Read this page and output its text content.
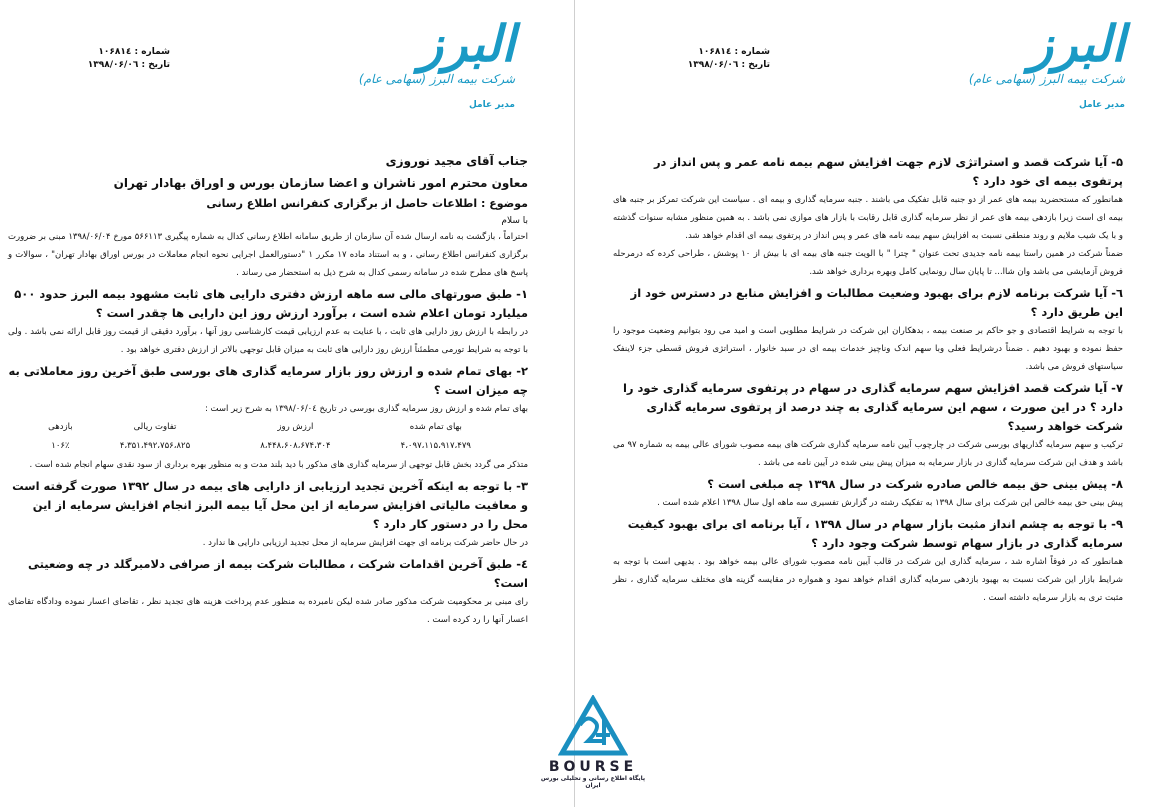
البرز
شرکت بیمه البرز (سهامی عام)
مدیر عامل
شماره : ۱۰۶۸۱٤
تاریخ : ۱۳۹۸/۰۶/۰٦
جناب آقای مجید نوروزی
معاون محترم امور ناشران و اعضا سازمان بورس و اوراق بهادار تهران
موضوع : اطلاعات حاصل از برگزاری کنفرانس اطلاع رسانی
با سلام
احتراماً ، بازگشت به نامه ارسال شده آن سازمان از طریق سامانه اطلاع رسانی کدال به شماره پیگیری ۵۶۶۱۱۳ مورخ ۱۳۹۸/۰۶/۰۴ مبنی بر ضرورت برگزاری کنفرانس اطلاع رسانی ، و به استناد ماده ۱۷ مکرر ۱ "دستورالعمل اجرایی نحوه انجام معاملات در بورس اوراق بهادار تهران" ، سوالات و پاسخ های مطرح شده در سامانه رسمی کدال به شرح ذیل به استحضار می رساند .
۱- طبق صورتهای مالی سه ماهه ارزش دفتری دارایی های ثابت مشهود بیمه البرز حدود ۵۰۰ میلیارد تومان اعلام شده است ، برآورد ارزش روز این دارایی ها چقدر است ؟
در رابطه با ارزش روز دارایی های ثابت ، با عنایت به عدم ارزیابی قیمت کارشناسی روز آنها ، برآورد دقیقی از قیمت روز قابل ارائه نمی باشد . ولی با توجه به شرایط تورمی مطمئناً ارزش روز دارایی های ثابت به میزان قابل توجهی بالاتر از ارزش دفتری خواهد بود .
۲- بهای تمام شده و ارزش روز بازار سرمایه گذاری های بورسی طبق آخرین روز معاملاتی به چه میزان است ؟
بهای تمام شده و ارزش روز سرمایه گذاری بورسی در تاریخ ۱۳۹۸/۰۶/۰٤ به شرح زیر است :
بهای تمام شده	ارزش روز	تفاوت ریالی	بازدهی
۴،۰۹۷،۱۱۵،۹۱۷،۴۷۹	۸،۴۴۸،۶۰۸،۶۷۴،۳۰۴	۴،۳۵۱،۴۹۲،۷۵۶،۸۲۵	۱۰۶٪
متذکر می گردد بخش قابل توجهی از سرمایه گذاری های مذکور با دید بلند مدت و به منظور بهره برداری از سود نقدی سهام انجام شده است .
۳- با توجه به اینکه آخرین تجدید ارزیابی از دارایی های بیمه در سال ۱۳۹۲ صورت گرفته است و معافیت مالیاتی افزایش سرمایه از این محل آیا بیمه البرز انجام افزایش سرمایه از این محل را در دستور کار دارد ؟
در حال حاضر شرکت برنامه ای جهت افزایش سرمایه از محل تجدید ارزیابی دارایی ها ندارد .
٤- طبق آخرین اقدامات شرکت ، مطالبات شرکت بیمه از صرافی دلامبرگلد در چه وضعیتی است؟
رای مبنی بر محکومیت شرکت مذکور صادر شده لیکن نامبرده به منظور عدم پرداخت هزینه های تجدید نظر ، تقاضای اعسار نموده ودادگاه تقاضای اعسار آنها را رد کرده است .
البرز
شرکت بیمه البرز (سهامی عام)
مدیر عامل
شماره : ۱۰۶۸۱٤
تاریخ : ۱۳۹۸/۰۶/۰٦
۵- آیا شرکت قصد و استراتژی لازم جهت افزایش سهم بیمه نامه عمر و پس انداز در پرتفوی بیمه ای خود دارد ؟
همانطور که مستحضرید بیمه های عمر از دو جنبه قابل تفکیک می باشند . جنبه سرمایه گذاری و بیمه ای . سیاست این شرکت تمرکز بر جنبه های بیمه ای است زیرا بازدهی بیمه های عمر از نظر سرمایه گذاری قابل رقابت با بازار های موازی نمی باشد . به همین منظور مشابه سنوات گذشته و با یک شیب ملایم و روند منطقی نسبت به افزایش سهم بیمه نامه های عمر و پس انداز در پرتفوی بیمه ای اقدام خواهد شد.
ضمناً شرکت در همین راستا بیمه نامه جدیدی تحت عنوان " چترا " با الویت جنبه های بیمه ای با بیش از ۱۰ پوشش ، طراحی کرده که درمرحله فروش آزمایشی می باشد وان شاا... تا پایان سال رونمایی کامل وبهره برداری خواهد شد.
٦- آیا شرکت برنامه لازم برای بهبود وضعیت مطالبات و افزایش منابع در دسترس خود از این طریق دارد ؟
با توجه به شرایط اقتصادی و جو حاکم بر صنعت بیمه ، بدهکاران این شرکت در شرایط مطلوبی است و امید می رود بتوانیم وضعیت موجود را حفظ نموده و بهبود دهیم . ضمناً درشرایط فعلی وبا سهم اندک وناچیز خدمات بیمه ای در سبد خانوار ، استراتژی فروش قسطی جزء لاینفک سیاستهای فروش می باشد.
۷- آیا شرکت قصد افزایش سهم سرمایه گذاری در سهام در پرتفوی سرمایه گذاری خود را دارد ؟ در این صورت ، سهم این سرمایه گذاری به چند درصد از پرتفوی سرمایه گذاری شرکت خواهد رسید؟
ترکیب و سهم سرمایه گذاریهای بورسی شرکت در چارچوب آیین نامه سرمایه گذاری شرکت های بیمه مصوب شورای عالی بیمه به شماره ۹۷ می باشد و هدف این شرکت سرمایه گذاری در بازار سرمایه به میزان پیش بینی شده در آیین نامه می باشد .
۸- پیش بینی حق بیمه خالص صادره شرکت در سال ۱۳۹۸ چه مبلغی است ؟
پیش بینی حق بیمه خالص این شرکت برای سال ۱۳۹۸ به تفکیک رشته در گزارش تفسیری سه ماهه اول سال ۱۳۹۸ اعلام شده است .
۹- با توجه به چشم انداز مثبت بازار سهام در سال ۱۳۹۸ ، آیا برنامه ای برای بهبود کیفیت سرمایه گذاری در بازار سهام توسط شرکت وجود دارد ؟
همانطور که در فوقاً اشاره شد ، سرمایه گذاری این شرکت در قالب آیین نامه مصوب شورای عالی بیمه خواهد بود . بدیهی است با توجه به شرایط بازار این شرکت نسبت به بهبود بازدهی سرمایه گذاری اقدام خواهد نمود و همواره در مقایسه گزینه های مختلف سرمایه گذاری ، نظر مثبت تری به بازار سرمایه داشته است .
BOURSE
پایگاه اطلاع رسانی و تحلیلی بورس ایران
